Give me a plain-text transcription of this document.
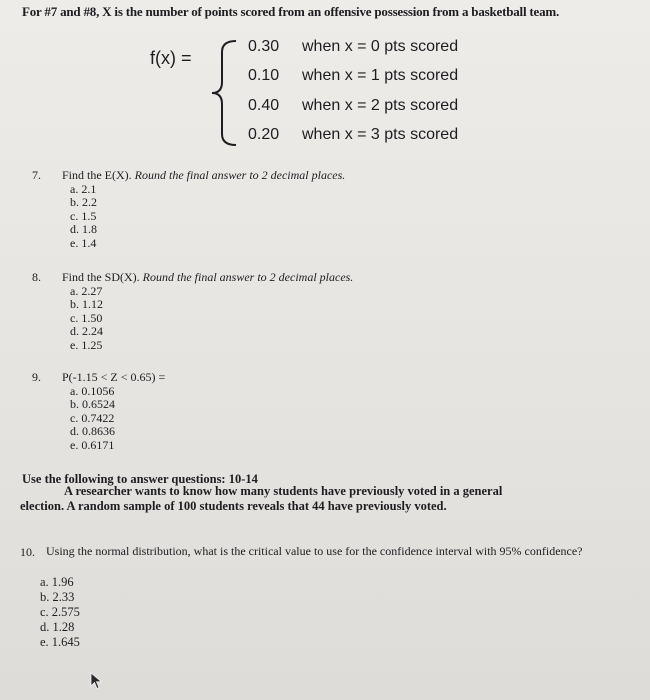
For #7 and #8, X is the number of points scored from an offensive possession from a basketball team.
f(x) =
0.30 when x = 0 pts scored
0.10 when x = 1 pts scored
0.40 when x = 2 pts scored
0.20 when x = 3 pts scored
7. Find the E(X). Round the final answer to 2 decimal places.
a. 2.1
b. 2.2
c. 1.5
d. 1.8
e. 1.4
8. Find the SD(X). Round the final answer to 2 decimal places.
a. 2.27
b. 1.12
c. 1.50
d. 2.24
e. 1.25
9. P(-1.15 < Z < 0.65) =
a. 0.1056
b. 0.6524
c. 0.7422
d. 0.8636
e. 0.6171
Use the following to answer questions: 10-14
A researcher wants to know how many students have previously voted in a general
election. A random sample of 100 students reveals that 44 have previously voted.
10. Using the normal distribution, what is the critical value to use for the confidence interval with 95% confidence?
a. 1.96
b. 2.33
c. 2.575
d. 1.28
e. 1.645
